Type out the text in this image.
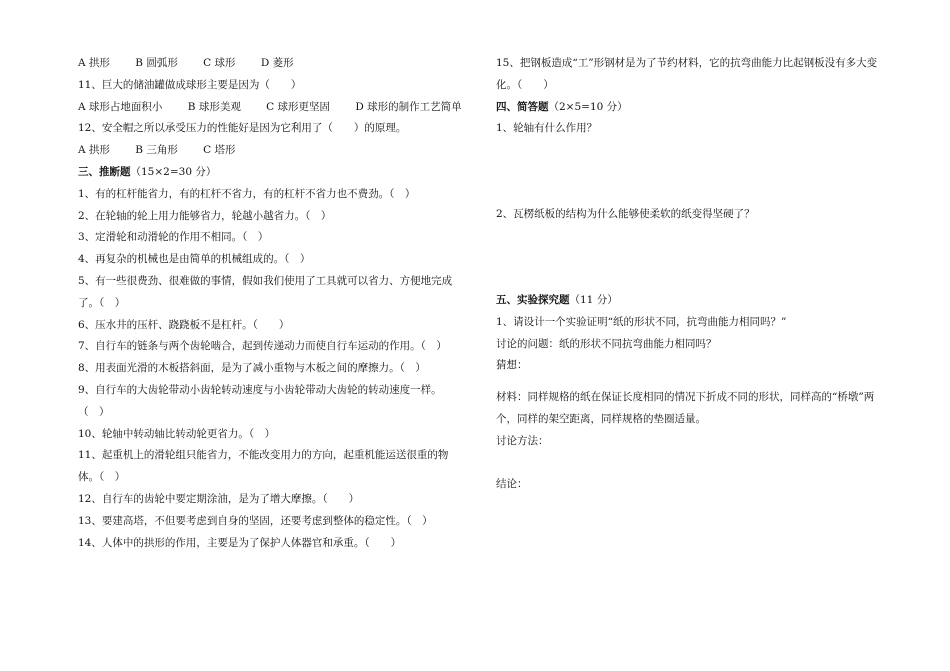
A 拱形 B 圆弧形 C 球形 D 菱形
11、巨大的储油罐做成球形主要是因为（　　）
A 球形占地面积小 B 球形美观 C 球形更坚固 D 球形的制作工艺简单
12、安全帽之所以承受压力的性能好是因为它利用了（　　）的原理。
A 拱形 B 三角形 C 塔形
三、推断题（15×2=30 分）
1、有的杠杆能省力，有的杠杆不省力，有的杠杆不省力也不费劲。（　）
2、在轮轴的轮上用力能够省力，轮越小越省力。（　）
3、定滑轮和动滑轮的作用不相同。（　）
4、再复杂的机械也是由简单的机械组成的。（　）
5、有一些很费劲、很难做的事情，假如我们使用了工具就可以省力、方便地完成了。（　）
6、压水井的压杆、跷跷板不是杠杆。（　　）
7、自行车的链条与两个齿轮啮合，起到传递动力而使自行车运动的作用。（　）
8、用表面光滑的木板搭斜面，是为了减小重物与木板之间的摩擦力。（　）
9、自行车的大齿轮带动小齿轮转动速度与小齿轮带动大齿轮的转动速度一样。（　）
10、轮轴中转动轴比转动轮更省力。（　）
11、起重机上的滑轮组只能省力，不能改变用力的方向，起重机能运送很重的物体。（　）
12、自行车的齿轮中要定期涂油，是为了增大摩擦。（　　）
13、要建高塔，不但要考虑到自身的坚固，还要考虑到整体的稳定性。（　）
14、人体中的拱形的作用，主要是为了保护人体器官和承重。（　　）
15、把钢板造成“工”形钢材是为了节约材料，它的抗弯曲能力比起钢板没有多大变化。（　　）
四、简答题（2×5=10 分）
1、轮轴有什么作用？
2、瓦楞纸板的结构为什么能够使柔软的纸变得坚硬了？
五、实验探究题（11 分）
1、请设计一个实验证明“纸的形状不同，抗弯曲能力相同吗？”
讨论的问题：纸的形状不同抗弯曲能力相同吗？
猜想：
材料：同样规格的纸在保证长度相同的情况下折成不同的形状，同样高的“桥墩”两个，同样的架空距离，同样规格的垫圈适量。
讨论方法：
结论：
